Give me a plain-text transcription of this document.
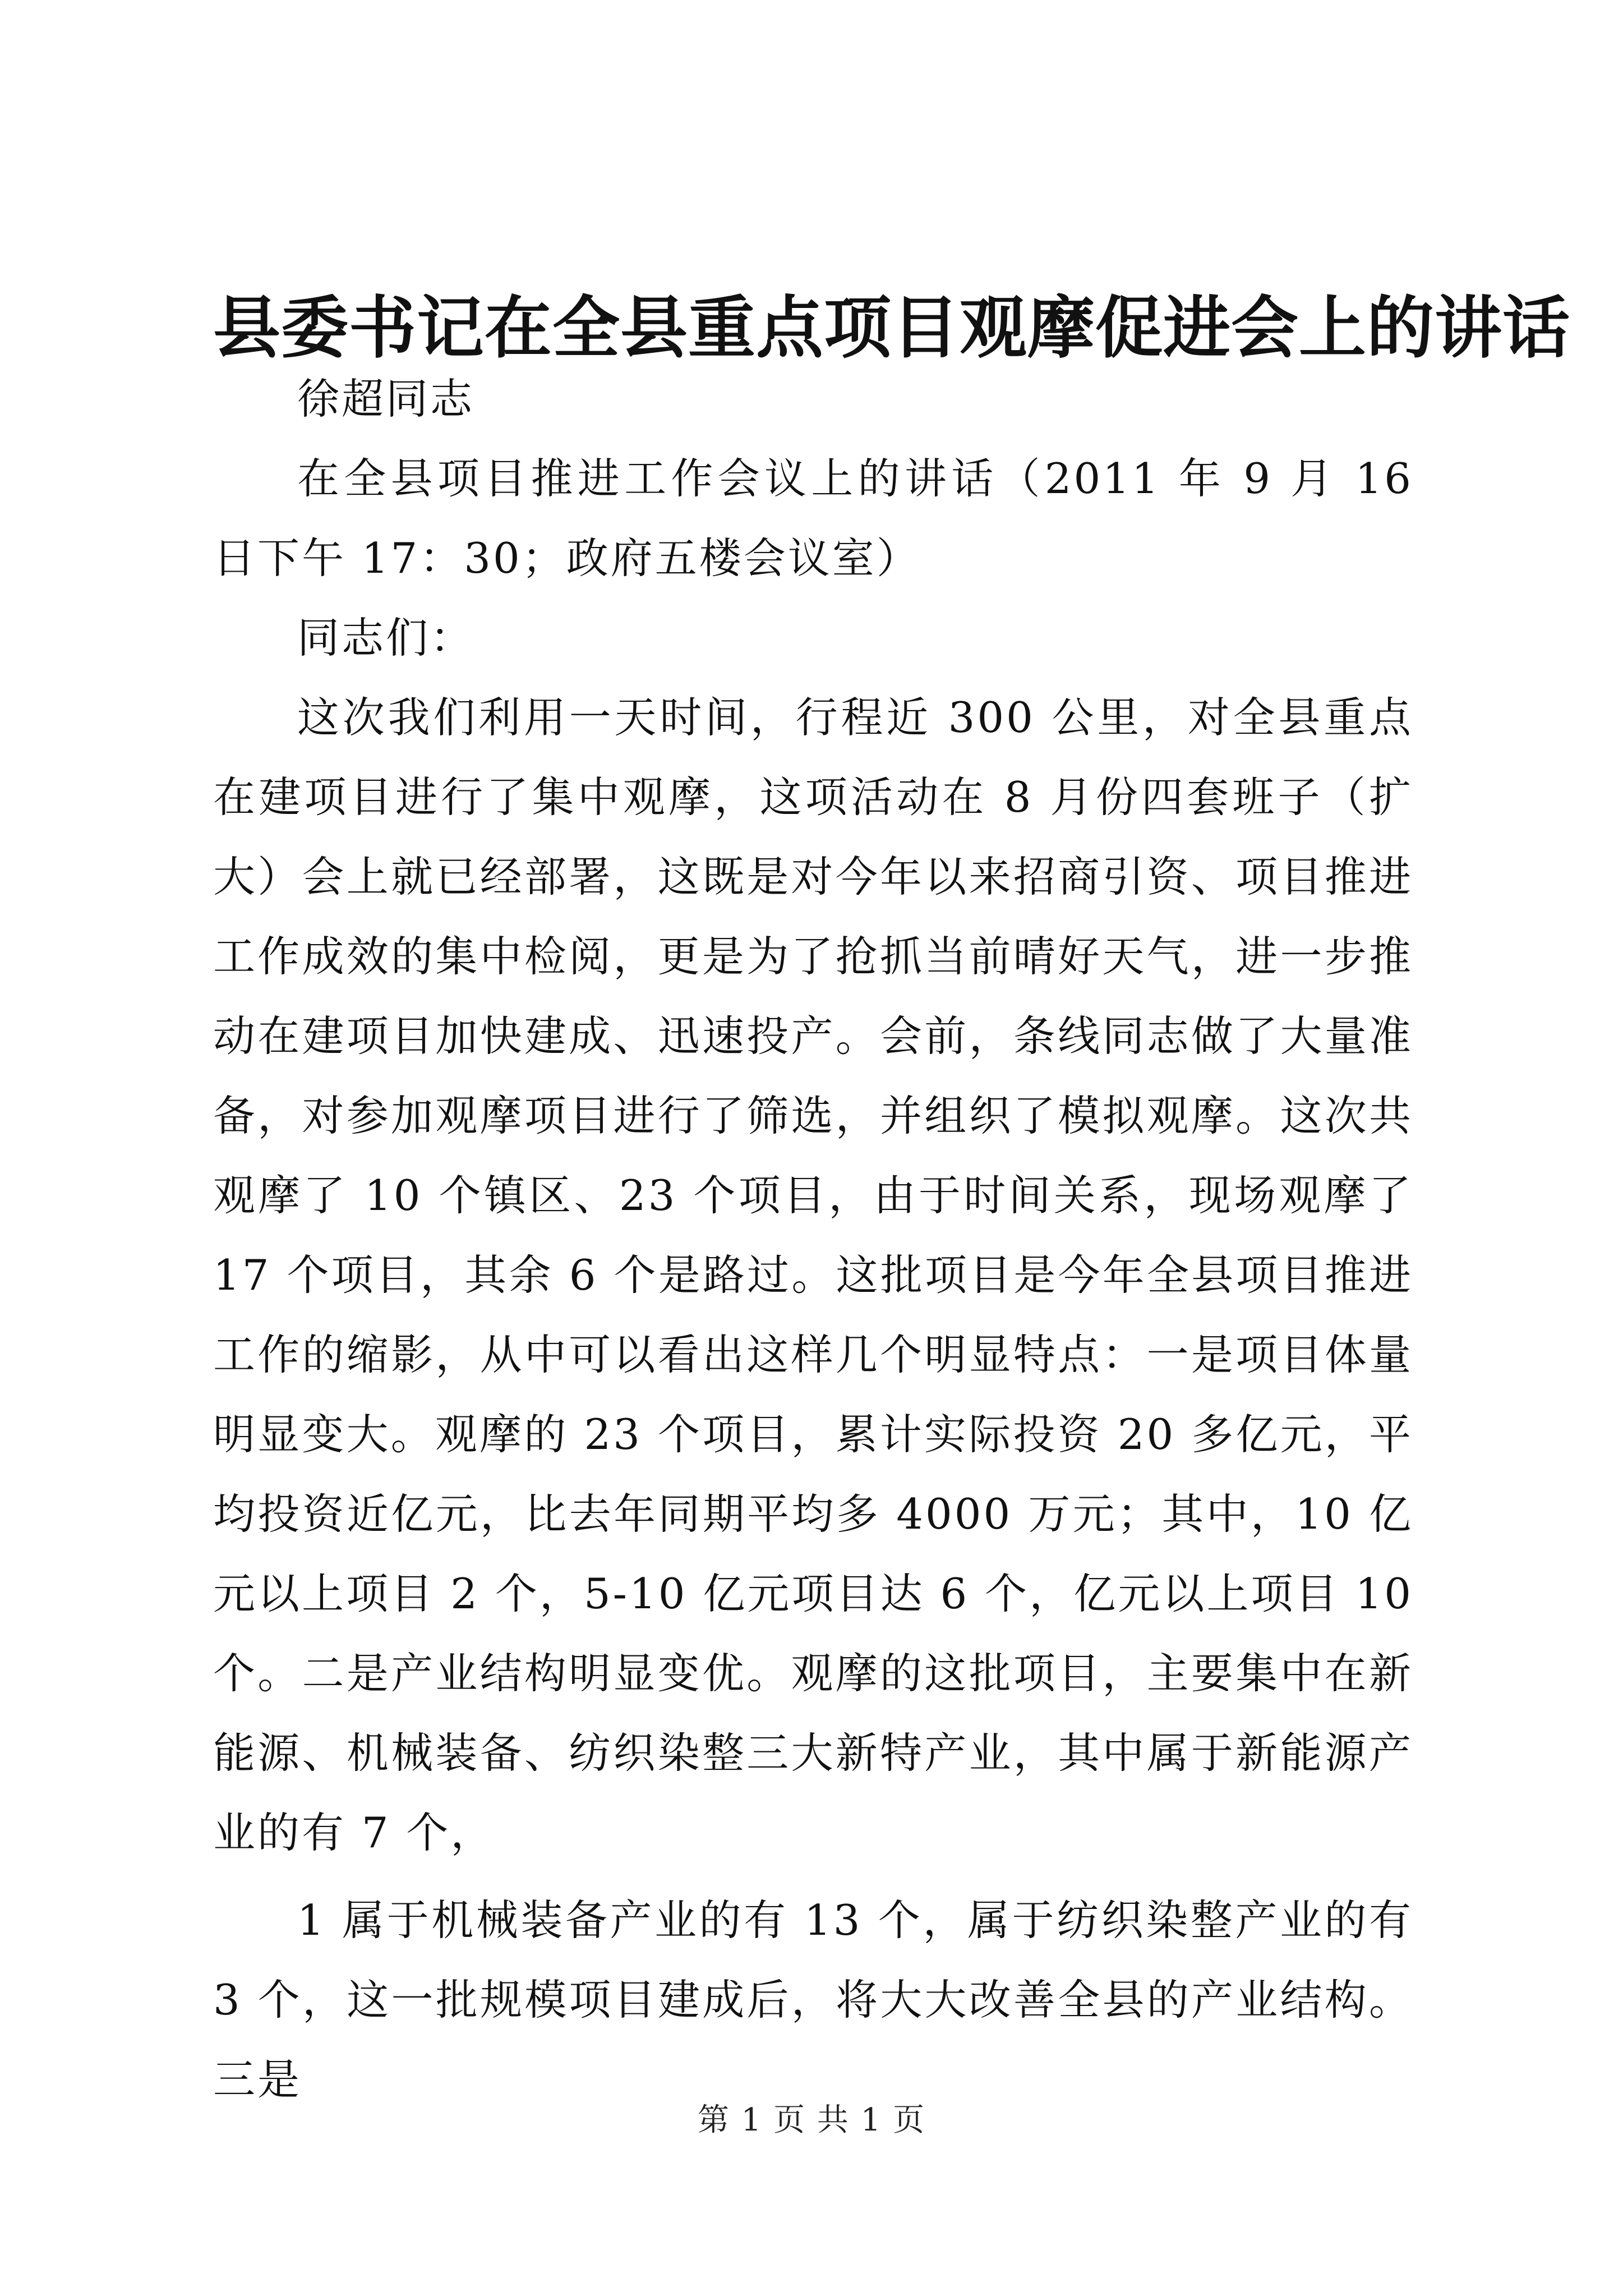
县委书记在全县重点项目观摩促进会上的讲话

徐超同志

在全县项目推进工作会议上的讲话（2011 年 9 月 16 日下午 17：30；政府五楼会议室）

同志们：

这次我们利用一天时间，行程近 300 公里，对全县重点在建项目进行了集中观摩，这项活动在 8 月份四套班子（扩大）会上就已经部署，这既是对今年以来招商引资、项目推进工作成效的集中检阅，更是为了抢抓当前晴好天气，进一步推动在建项目加快建成、迅速投产。会前，条线同志做了大量准备，对参加观摩项目进行了筛选，并组织了模拟观摩。这次共观摩了 10 个镇区、23 个项目，由于时间关系，现场观摩了 17 个项目，其余 6 个是路过。这批项目是今年全县项目推进工作的缩影，从中可以看出这样几个明显特点：一是项目体量明显变大。观摩的 23 个项目，累计实际投资 20 多亿元，平均投资近亿元，比去年同期平均多 4000 万元；其中，10 亿元以上项目 2 个，5-10 亿元项目达 6 个，亿元以上项目 10 个。二是产业结构明显变优。观摩的这批项目，主要集中在新能源、机械装备、纺织染整三大新特产业，其中属于新能源产业的有 7 个，

1 属于机械装备产业的有 13 个，属于纺织染整产业的有 3 个，这一批规模项目建成后，将大大改善全县的产业结构。三是

第 1 页 共 1 页
